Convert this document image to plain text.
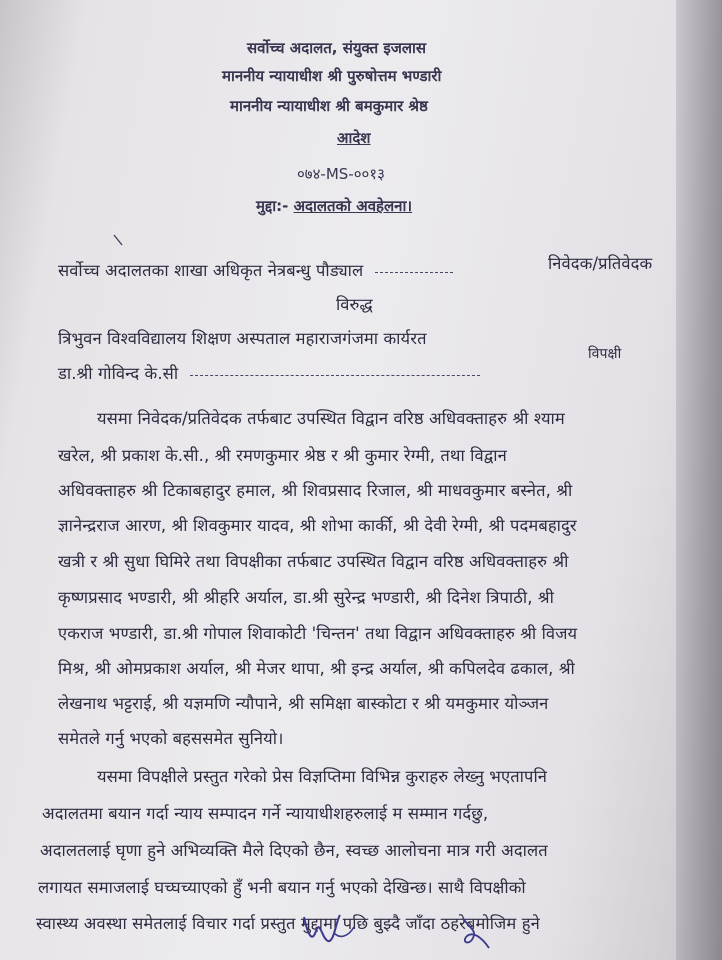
सर्वोच्च अदालत, संयुक्त इजलास
माननीय न्यायाधीश श्री पुरुषोत्तम भण्डारी
माननीय न्यायाधीश श्री बमकुमार श्रेष्ठ
आदेश
०७४-MS-००१३
मुद्दा:- अदालतको अवहेलना।
सर्वोच्च अदालतका शाखा अधिकृत नेत्रबन्धु पौड्याल	निवेदक/प्रतिवेदक
विरुद्ध
त्रिभुवन विश्वविद्यालय शिक्षण अस्पताल महाराजगंजमा कार्यरत
डा.श्री गोविन्द के.सी
विपक्षी
यसमा निवेदक/प्रतिवेदक तर्फबाट उपस्थित विद्वान वरिष्ठ अधिवक्ताहरु श्री श्याम
खरेल, श्री प्रकाश के.सी., श्री रमणकुमार श्रेष्ठ र श्री कुमार रेग्मी, तथा विद्वान
अधिवक्ताहरु श्री टिकाबहादुर हमाल, श्री शिवप्रसाद रिजाल, श्री माधवकुमार बस्नेत, श्री
ज्ञानेन्द्रराज आरण, श्री शिवकुमार यादव, श्री शोभा कार्की, श्री देवी रेग्मी, श्री पदमबहादुर
खत्री र श्री सुधा घिमिरे तथा विपक्षीका तर्फबाट उपस्थित विद्वान वरिष्ठ अधिवक्ताहरु श्री
कृष्णप्रसाद भण्डारी, श्री श्रीहरि अर्याल, डा.श्री सुरेन्द्र भण्डारी, श्री दिनेश त्रिपाठी, श्री
एकराज भण्डारी, डा.श्री गोपाल शिवाकोटी 'चिन्तन' तथा विद्वान अधिवक्ताहरु श्री विजय
मिश्र, श्री ओमप्रकाश अर्याल, श्री मेजर थापा, श्री इन्द्र अर्याल, श्री कपिलदेव ढकाल, श्री
लेखनाथ भट्टराई, श्री यज्ञमणि न्यौपाने, श्री समिक्षा बास्कोटा र श्री यमकुमार योञ्जन
समेतले गर्नु भएको बहससमेत सुनियो।
यसमा विपक्षीले प्रस्तुत गरेको प्रेस विज्ञप्तिमा विभिन्न कुराहरु लेख्नु भएतापनि
अदालतमा बयान गर्दा न्याय सम्पादन गर्ने न्यायाधीशहरुलाई म सम्मान गर्दछु,
अदालतलाई घृणा हुने अभिव्यक्ति मैले दिएको छैन, स्वच्छ आलोचना मात्र गरी अदालत
लगायत समाजलाई घच्घच्याएको हुँ भनी बयान गर्नु भएको देखिन्छ। साथै विपक्षीको
स्वास्थ्य अवस्था समेतलाई विचार गर्दा प्रस्तुत मुद्दामा पछि बुझ्दै जाँदा ठहरेबमोजिम हुने
